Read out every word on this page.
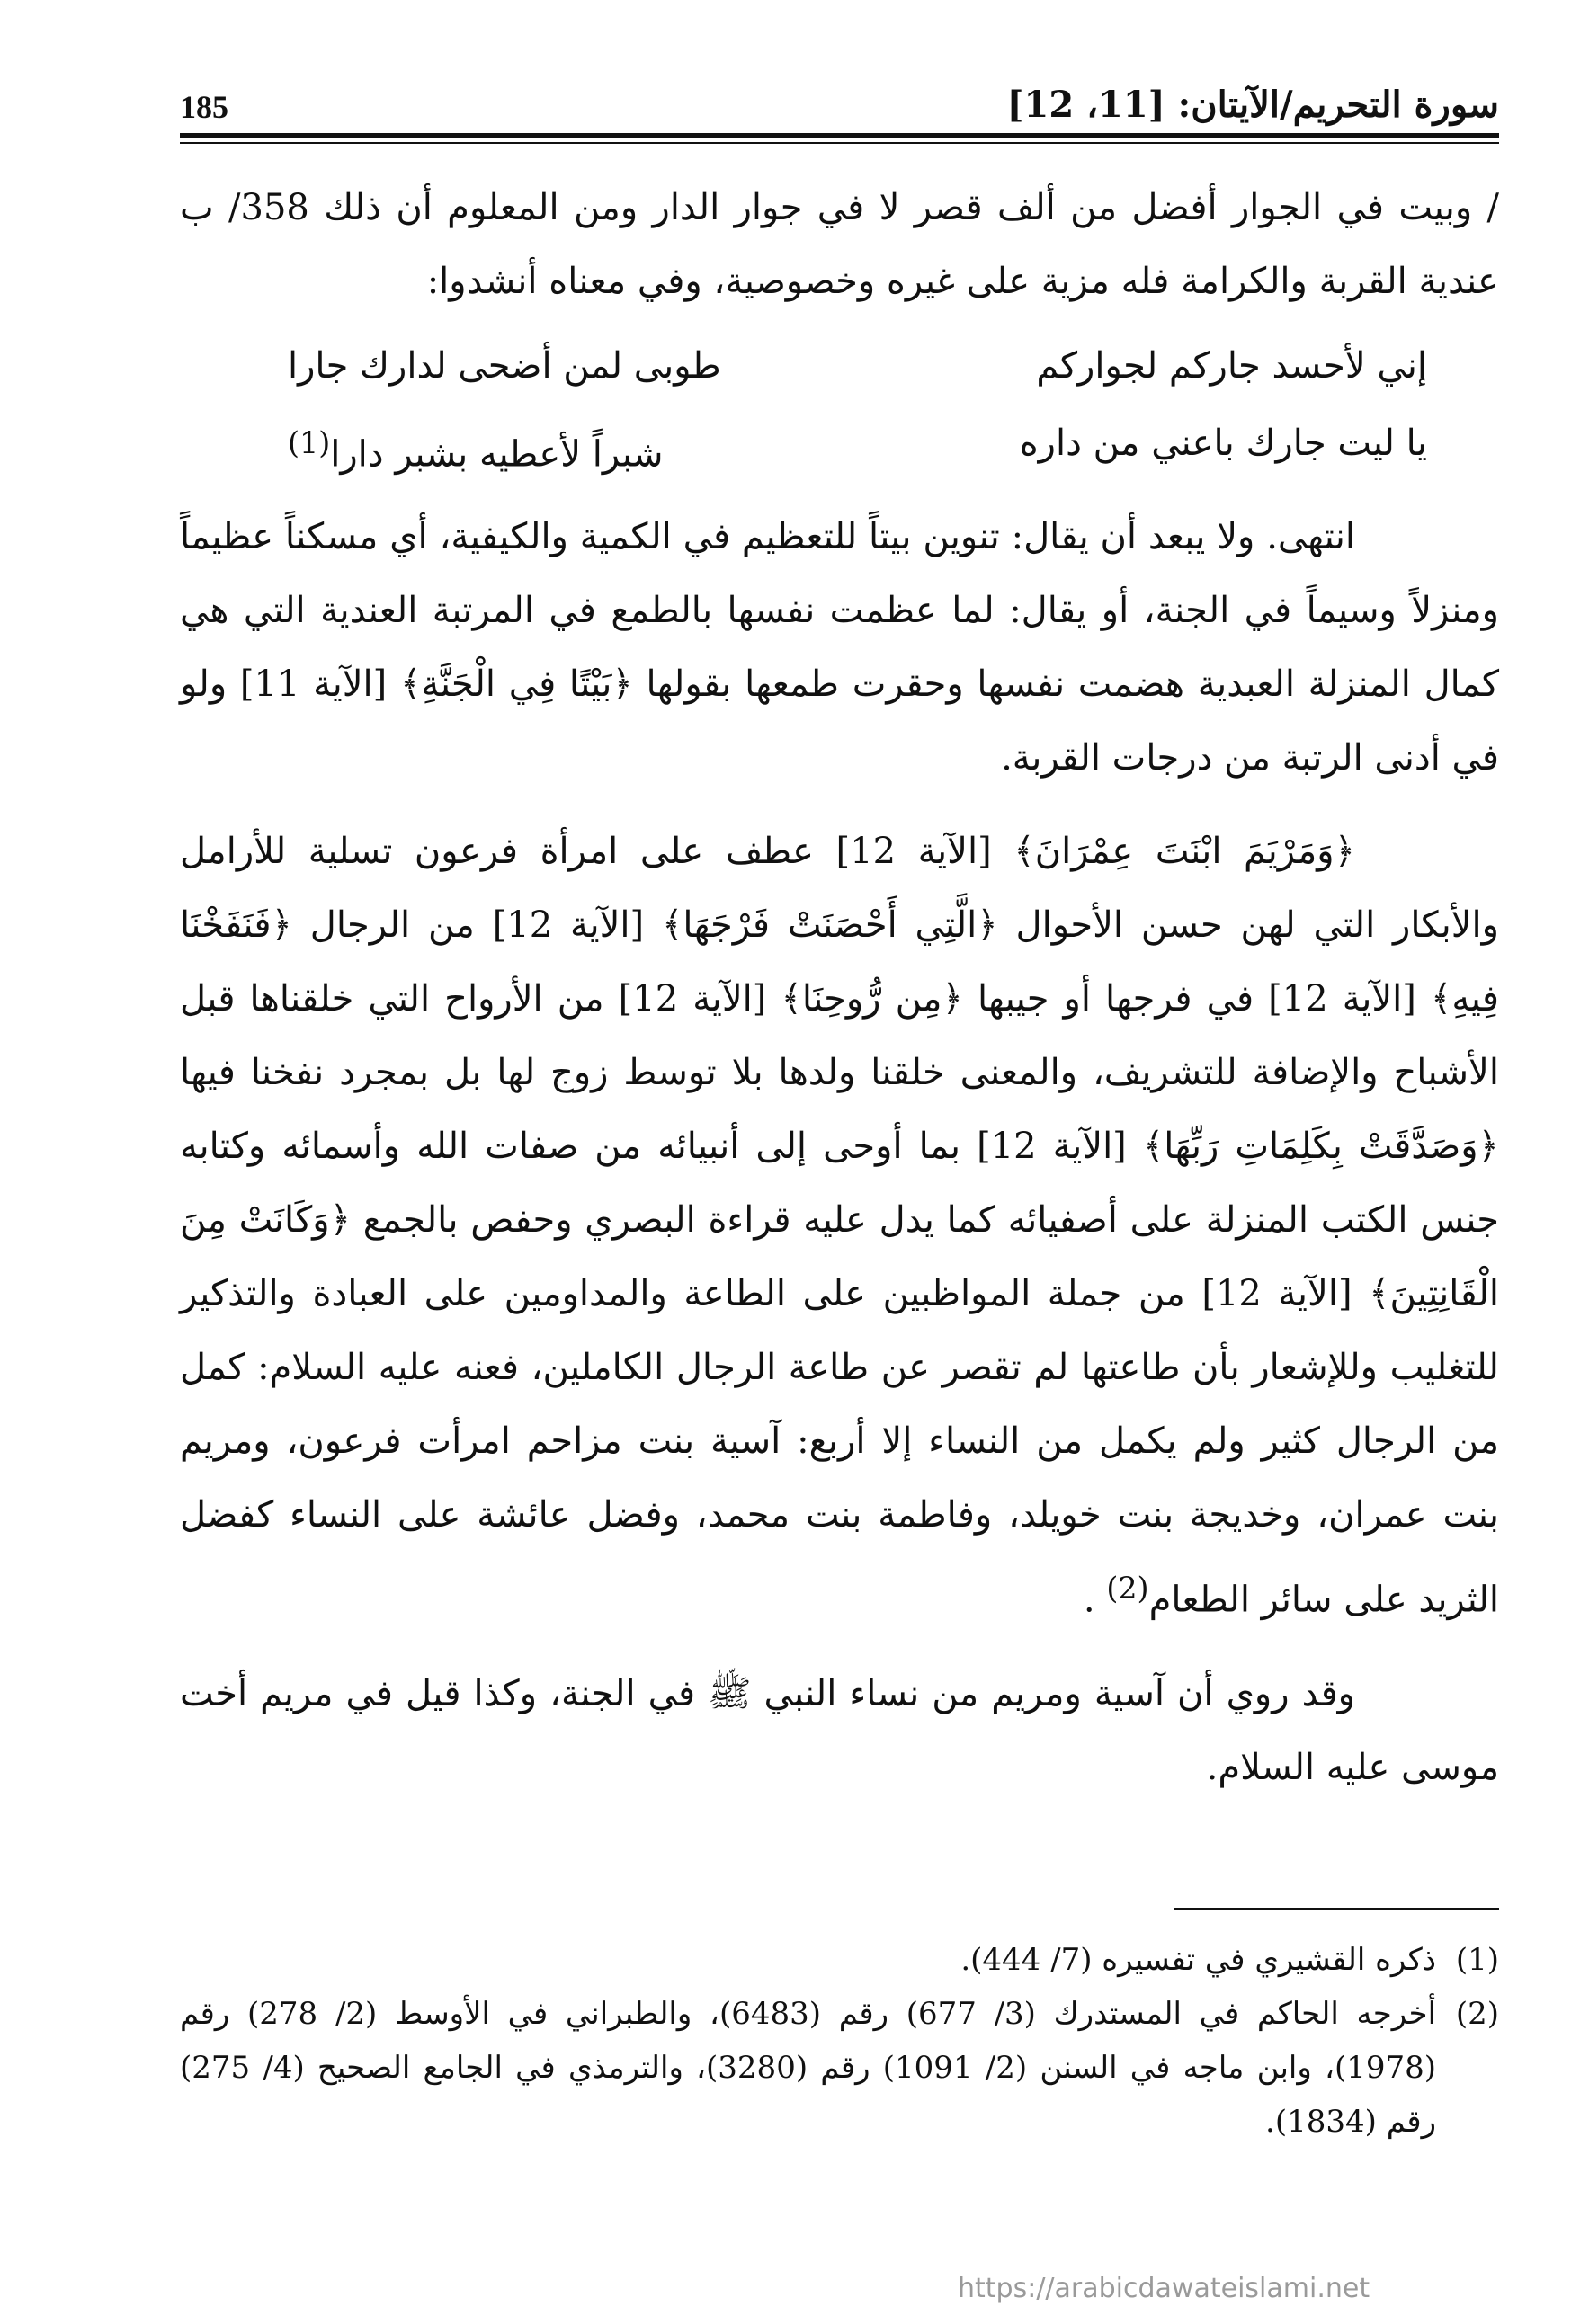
185	سورة التحريم/الآيتان: [11، 12]

/ وبيت في الجوار أفضل من ألف قصر لا في جوار الدار ومن المعلوم أن ذلك 358/ ب عندية القربة والكرامة فله مزية على غيره وخصوصية، وفي معناه أنشدوا:

إني لأحسد جاركم لجواركم
طوبى لمن أضحى لدارك جارا
يا ليت جارك باعني من داره
شبراً لأعطيه بشبر دارا$^{(1)}$

انتهى. ولا يبعد أن يقال: تنوين بيتاً للتعظيم في الكمية والكيفية، أي مسكناً عظيماً ومنزلاً وسيماً في الجنة، أو يقال: لما عظمت نفسها بالطمع في المرتبة العندية التي هي كمال المنزلة العبدية هضمت نفسها وحقرت طمعها بقولها ﴿بَيْتًا فِي الْجَنَّةِ﴾ [الآية 11] ولو في أدنى الرتبة من درجات القربة.

﴿وَمَرْيَمَ ابْنَتَ عِمْرَانَ﴾ [الآية 12] عطف على امرأة فرعون تسلية للأرامل والأبكار التي لهن حسن الأحوال ﴿الَّتِي أَحْصَنَتْ فَرْجَهَا﴾ [الآية 12] من الرجال ﴿فَنَفَخْنَا فِيهِ﴾ [الآية 12] في فرجها أو جيبها ﴿مِن رُّوحِنَا﴾ [الآية 12] من الأرواح التي خلقناها قبل الأشباح والإضافة للتشريف، والمعنى خلقنا ولدها بلا توسط زوج لها بل بمجرد نفخنا فيها ﴿وَصَدَّقَتْ بِكَلِمَاتِ رَبِّهَا﴾ [الآية 12] بما أوحى إلى أنبيائه من صفات الله وأسمائه وكتابه جنس الكتب المنزلة على أصفيائه كما يدل عليه قراءة البصري وحفص بالجمع ﴿وَكَانَتْ مِنَ الْقَانِتِينَ﴾ [الآية 12] من جملة المواظبين على الطاعة والمداومين على العبادة والتذكير للتغليب وللإشعار بأن طاعتها لم تقصر عن طاعة الرجال الكاملين، فعنه عليه السلام: كمل من الرجال كثير ولم يكمل من النساء إلا أربع: آسية بنت مزاحم امرأت فرعون، ومريم بنت عمران، وخديجة بنت خويلد، وفاطمة بنت محمد، وفضل عائشة على النساء كفضل الثريد على سائر الطعام$^{(2)}$ .

وقد روي أن آسية ومريم من نساء النبي ﷺ في الجنة، وكذا قيل في مريم أخت موسى عليه السلام.

(1)
ذكره القشيري في تفسيره (7/ 444).
(2)
أخرجه الحاكم في المستدرك (3/ 677) رقم (6483)، والطبراني في الأوسط (2/ 278) رقم (1978)، وابن ماجه في السنن (2/ 1091) رقم (3280)، والترمذي في الجامع الصحيح (4/ 275) رقم (1834).
https://arabicdawateislami.net
